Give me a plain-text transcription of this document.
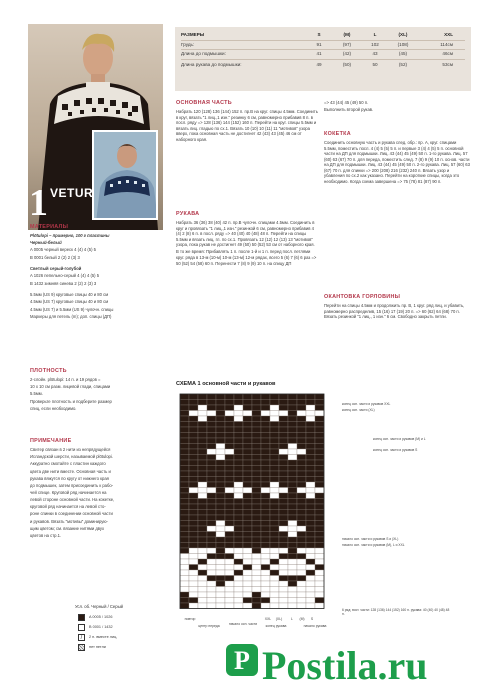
1 VETUR
РАЗМЕРЫ	S	(M)	L	(XL)	XXL
Грудь:	91	(97)	102	(108)	114см
Длина до подмышки:	41	(42)	43	(45)	46см
Длина рукава до подмышки:	49	(50)	50	(52)	53см
МАТЕРИАЛЫ

Plötulopi – примерно, 100 г пластины

Черный-белый

A 0005 черный вереск 4 (4) 4 (5) 5

B 0001 белый 2 (2) 2 (3) 3

Светлый серый-голубой

A 1026 пепельно-серый 4 (4) 4 (5) 5

B 1432 зимняя синева 2 (2) 2 (3) 3

5.5мм (US 9) круговые спицы 40 и 80 см

4.5мм (US 7) круговые спицы 40 и 80 см

4.5мм (US 7) и 5.5мм (US 9) чулочн. спицы

Маркеры для петель (m); доп. спицы (ДП)

ПЛОТНОСТЬ

2-слойн. plötulopi: 14 п. и 19 рядов =

10 х 10 см разм. лицевой глади, спицами

5.5мм.

Проверьте плотность и подберите размер

спиц, если необходимо.

ПРИМЕЧАНИЕ

Свитер связан в 2 нити из непрядущейся

Исландской шерсти, называемой plötulopi.

Аккуратно смотайте с пластин каждого

цвета две нити вместе. Основная часть и

рукава вяжутся по кругу от нижнего края

до подмышек, затем присоединить к рабо-

чей спице. Круговой ряд начинается на

левой стороне основной части. На кокетке,

круговой ряд начинается на левой сто-

роне спинки в соединении основной части

и рукавов. Вязать "мотивы" доминирую-

щим цветом; см. вязание нитями двух

цветов на стр.1.

ОСНОВНАЯ ЧАСТЬ

Набрать 120 (128) 136 (144) 152 п. пр.В на круг. спицы 4.5мм. Соединить в круг, вязать "1 лиц.,1 изн." резинку 6 см, равномерно прибавив 8 п. в посл. ряду => 128 (136) 144 (152) 160 п. Перейти на круг. спицы 5.5мм и вязать лиц. гладью по сх.1. Вязать 10 (10) 10 (11) 11 "мотивов" узора вверх, пока основная часть не достигнет 42 (43) 43 (45) 46 см от наборного края.

РУКАВА

Набрать 36 (36) 38 (40) 42 п. пр.В чулочн. спицами 4.5мм. Соединить в круг и провязать "1 лиц.,1 изн." резинкой 6 см, равномерно прибавив 4 (4) 2 (8) 6 п. в посл. ряду => 40 (40) 40 (48) 48 п. Перейти на спицы 5.5мм и вязать лиц. гл. по сх.1. Провязать 12 (12) 12 (13) 13 "мотивов" узора, пока рукав не достигнет 49 (50) 50 (52) 53 см от наборного края.

В то же время: Прибавлять 1 п. после 1-й и 1 п. перед посл. петлями круг. ряда в 13-м (10-м) 10-м (13-м) 12-м рядах, всего 5 (6) 7 (6) 6 раз => 50 (52) 54 (58) 60 п. Перенести 7 (8) 9 (9) 10 п. на спицу ДП

=> 43 (44) 45 (49) 50 п.

Выполнить второй рукав.

КОКЕТКА

Соединить основную часть и рукава след. обр.: пр. А, круг. спицами 5.5мм, поместить посл. 4 (4) 5 (5) 5 п. и первые 3 (4) 4 (5) 5 п. основной части на ДП для подмышки. Лиц. 43 (44) 45 (49) 50 п. 1-го рукава. Лиц. 57 (60) 63 (67) 70 п. для переда, поместить след. 7 (8) 9 (9) 10 п. основ. части на ДП для подмышки. Лиц. 43 (44) 45 (49) 50 п. 2-го рукава. Лиц. 57 (60) 63 (67) 70 п. для спинки => 200 (208) 216 (232) 240 п. Вязать узор и убавления по сх.2 как указано. Перейти на короткие спицы, когда это необходимо. Когда схема завершена => 75 (78) 81 (87) 90 п.

ОКАНТОВКА ГОРЛОВИНЫ

Перейти на спицы 4.5мм и продолжить пр. В, 1 круг. ряд лиц, и убавить, равномерно распределив, 15 (16) 17 (19) 20 п. => 60 (62) 64 (68) 70 п. Вязать резинкой "1 лиц., 1 изн." 6 см. Свободно закрыть петли.

СХЕМА 1 основной части и рукавов
конец осн. части и рукавов XXL
конец осн. части (XL)
конец осн. части и рукавов (M) и L
конец осн. части и рукавов S
начало осн. части и рукавов S и (XL)
начало осн. части и рукавов (M), L и XXL
6 ряд: вост. части: 128 (136) 144 (152) 160 п. рукава: 40 (40) 40 (48) 48 п.
повтор
центр переда	начало осн. части
XXL	(XL)	L	(M)	S
конец рукава	начало рукава
Усл. об. Черный / Серый
A 0005 / 1026
B 0001 / 1432
/	2 п. вместе лиц.
нет петли	P Postila.ru
